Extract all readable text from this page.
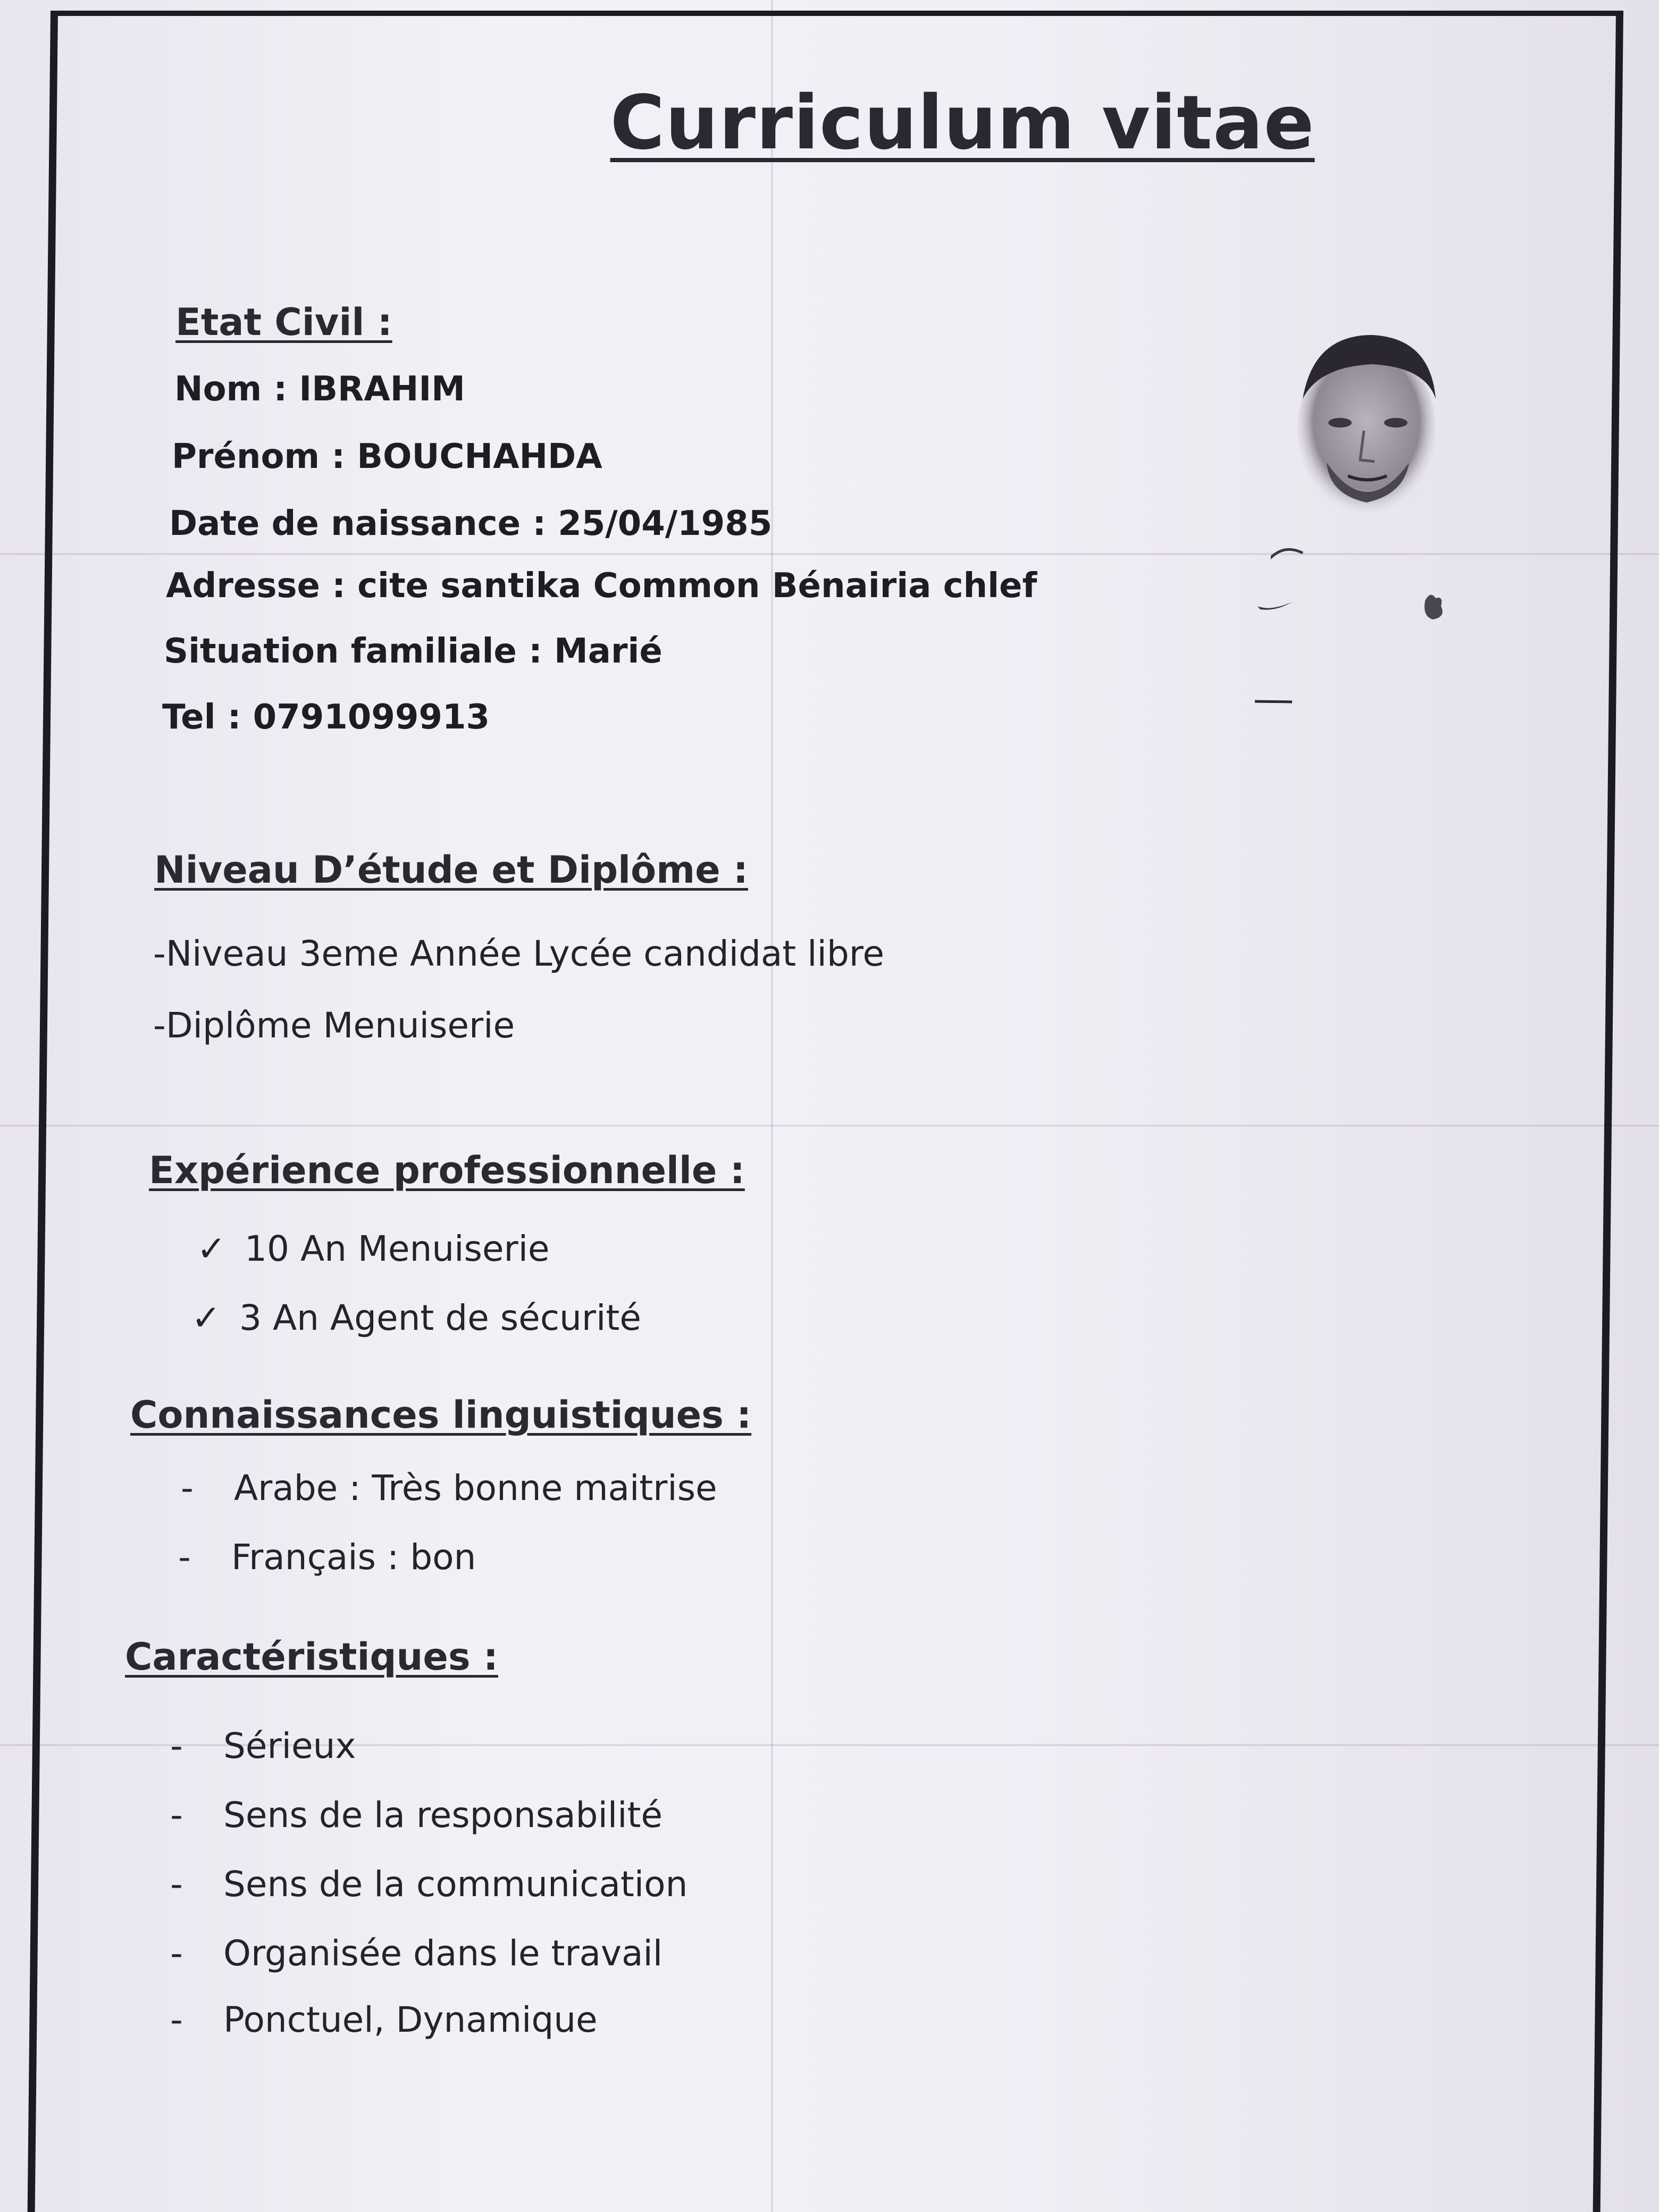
Curriculum vitae
Etat Civil :
Nom : IBRAHIM
Prénom : BOUCHAHDA
Date de naissance : 25/04/1985
Adresse : cite santika Common Bénairia chlef
Situation familiale : Marié
Tel : 0791099913
Niveau D’étude et Diplôme :
-Niveau 3eme Année Lycée candidat libre
-Diplôme Menuiserie
Expérience professionnelle :
✓ 10 An Menuiserie
✓ 3 An Agent de sécurité
Connaissances linguistiques :
- Arabe : Très bonne maitrise
- Français : bon
Caractéristiques :
- Sérieux
- Sens de la responsabilité
- Sens de la communication
- Organisée dans le travail
- Ponctuel, Dynamique
